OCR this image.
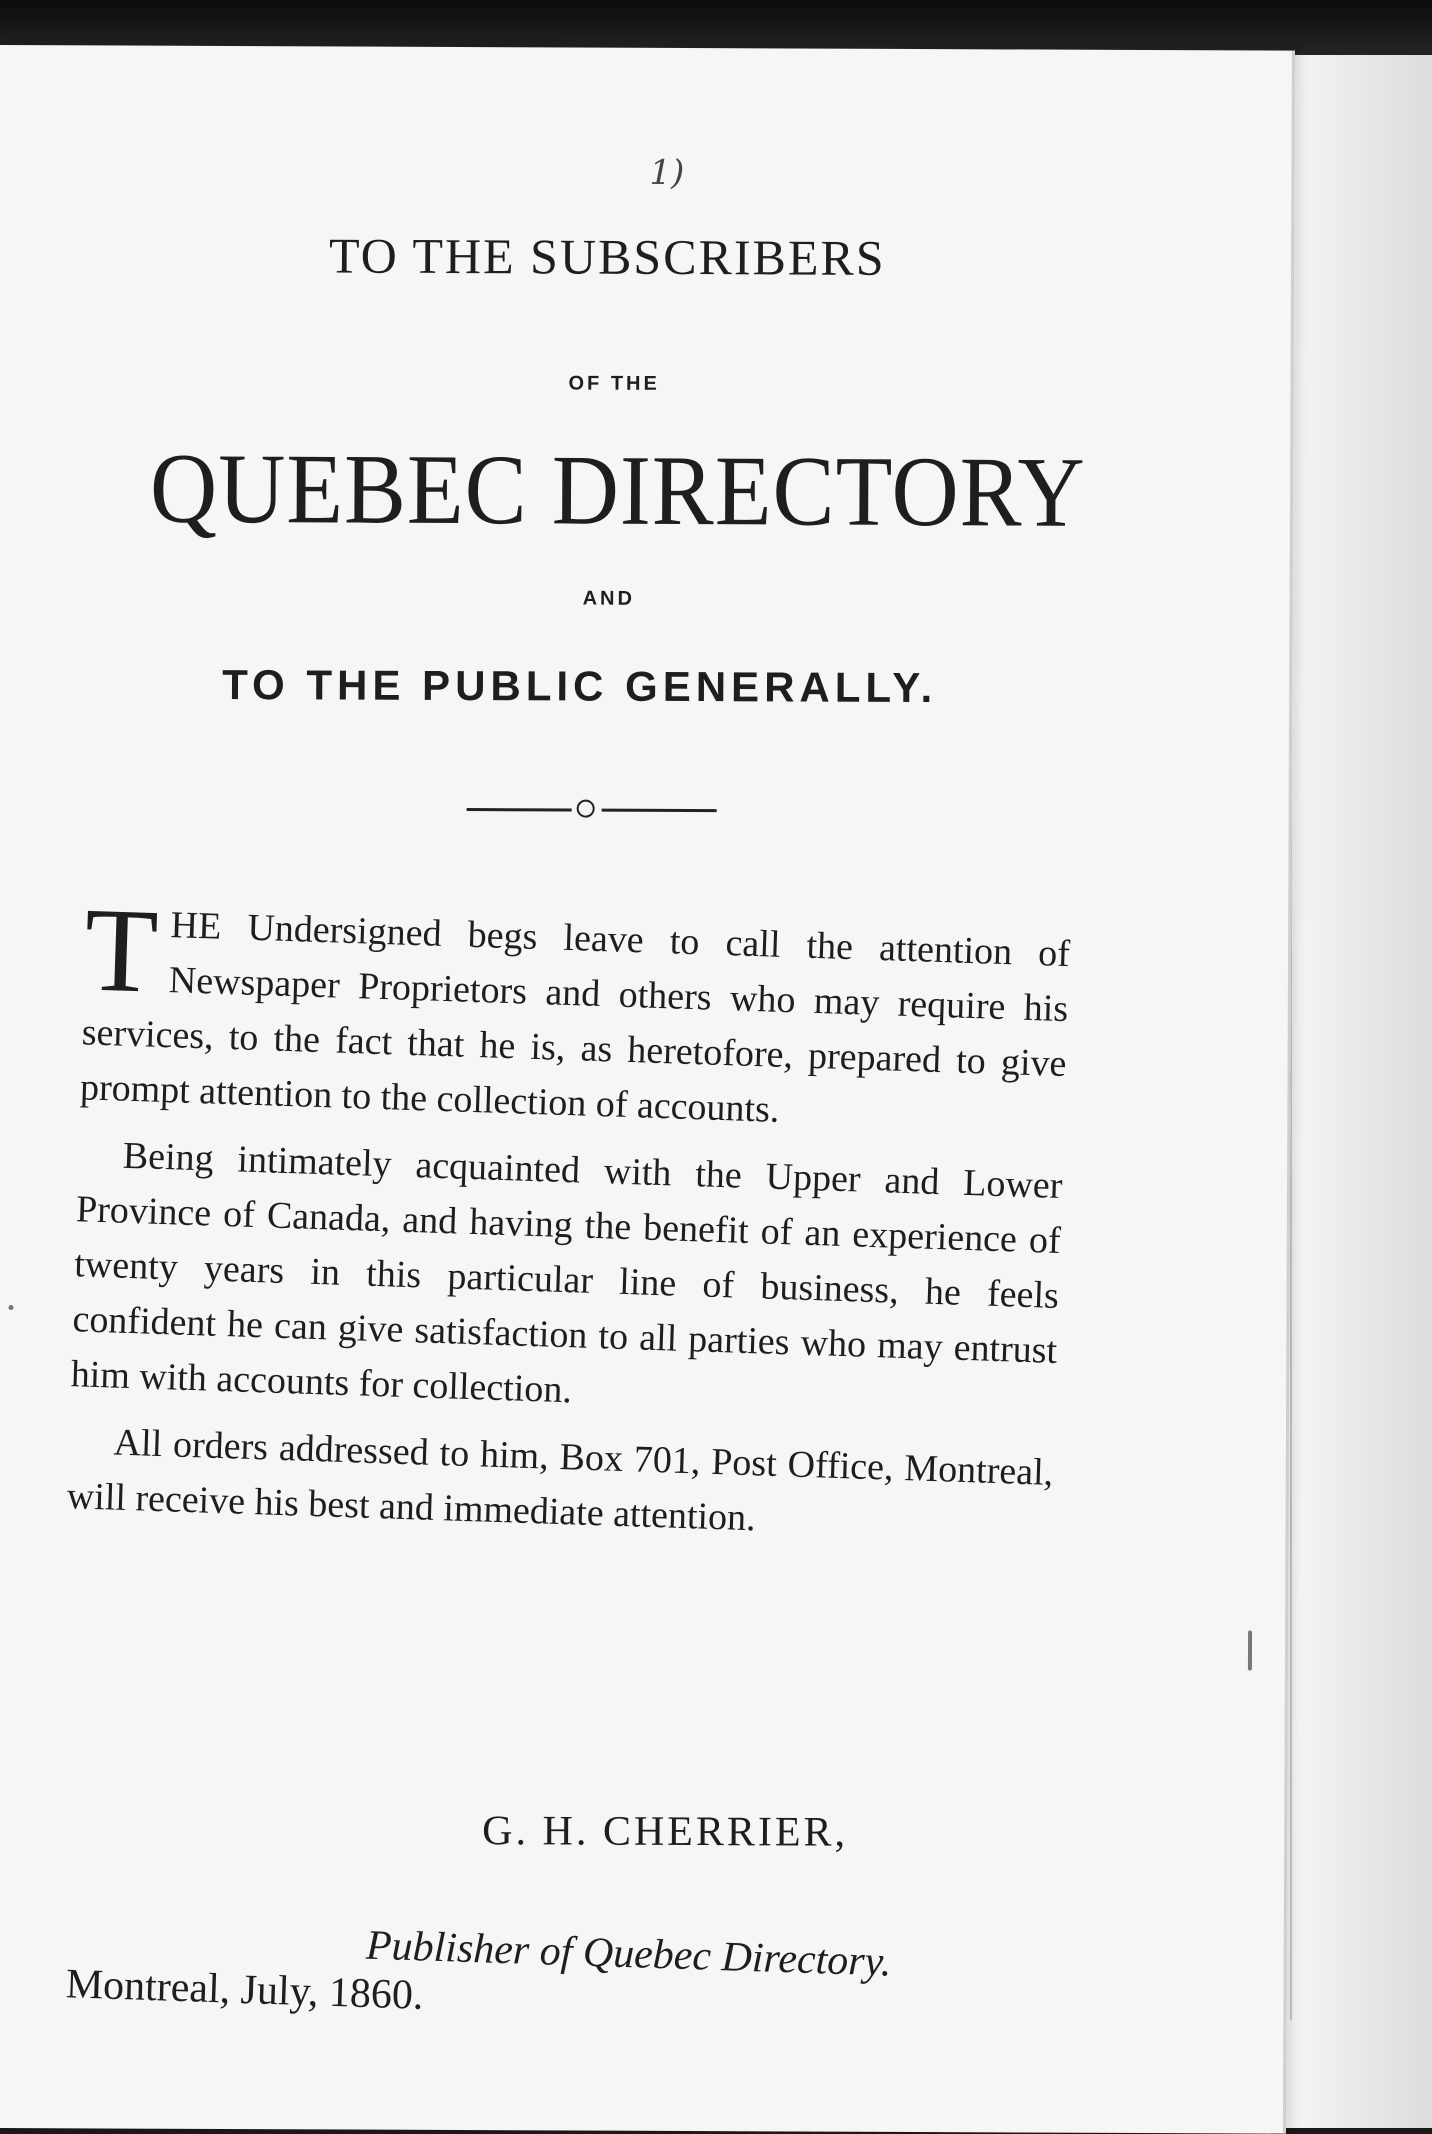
1)
TO THE SUBSCRIBERS
OF THE
QUEBEC DIRECTORY
AND
TO THE PUBLIC GENERALLY.

THE Undersigned begs leave to call the attention of Newspaper Proprietors and others who may require his services, to the fact that he is, as heretofore, prepared to give prompt attention to the collection of accounts.

Being intimately acquainted with the Upper and Lower Province of Canada, and having the benefit of an experience of twenty years in this particular line of business, he feels confident he can give satisfaction to all parties who may entrust him with accounts for collection.

All orders addressed to him, Box 701, Post Office, Montreal, will receive his best and immediate attention.

G. H. CHERRIER,
Publisher of Quebec Directory.
Montreal, July, 1860.
